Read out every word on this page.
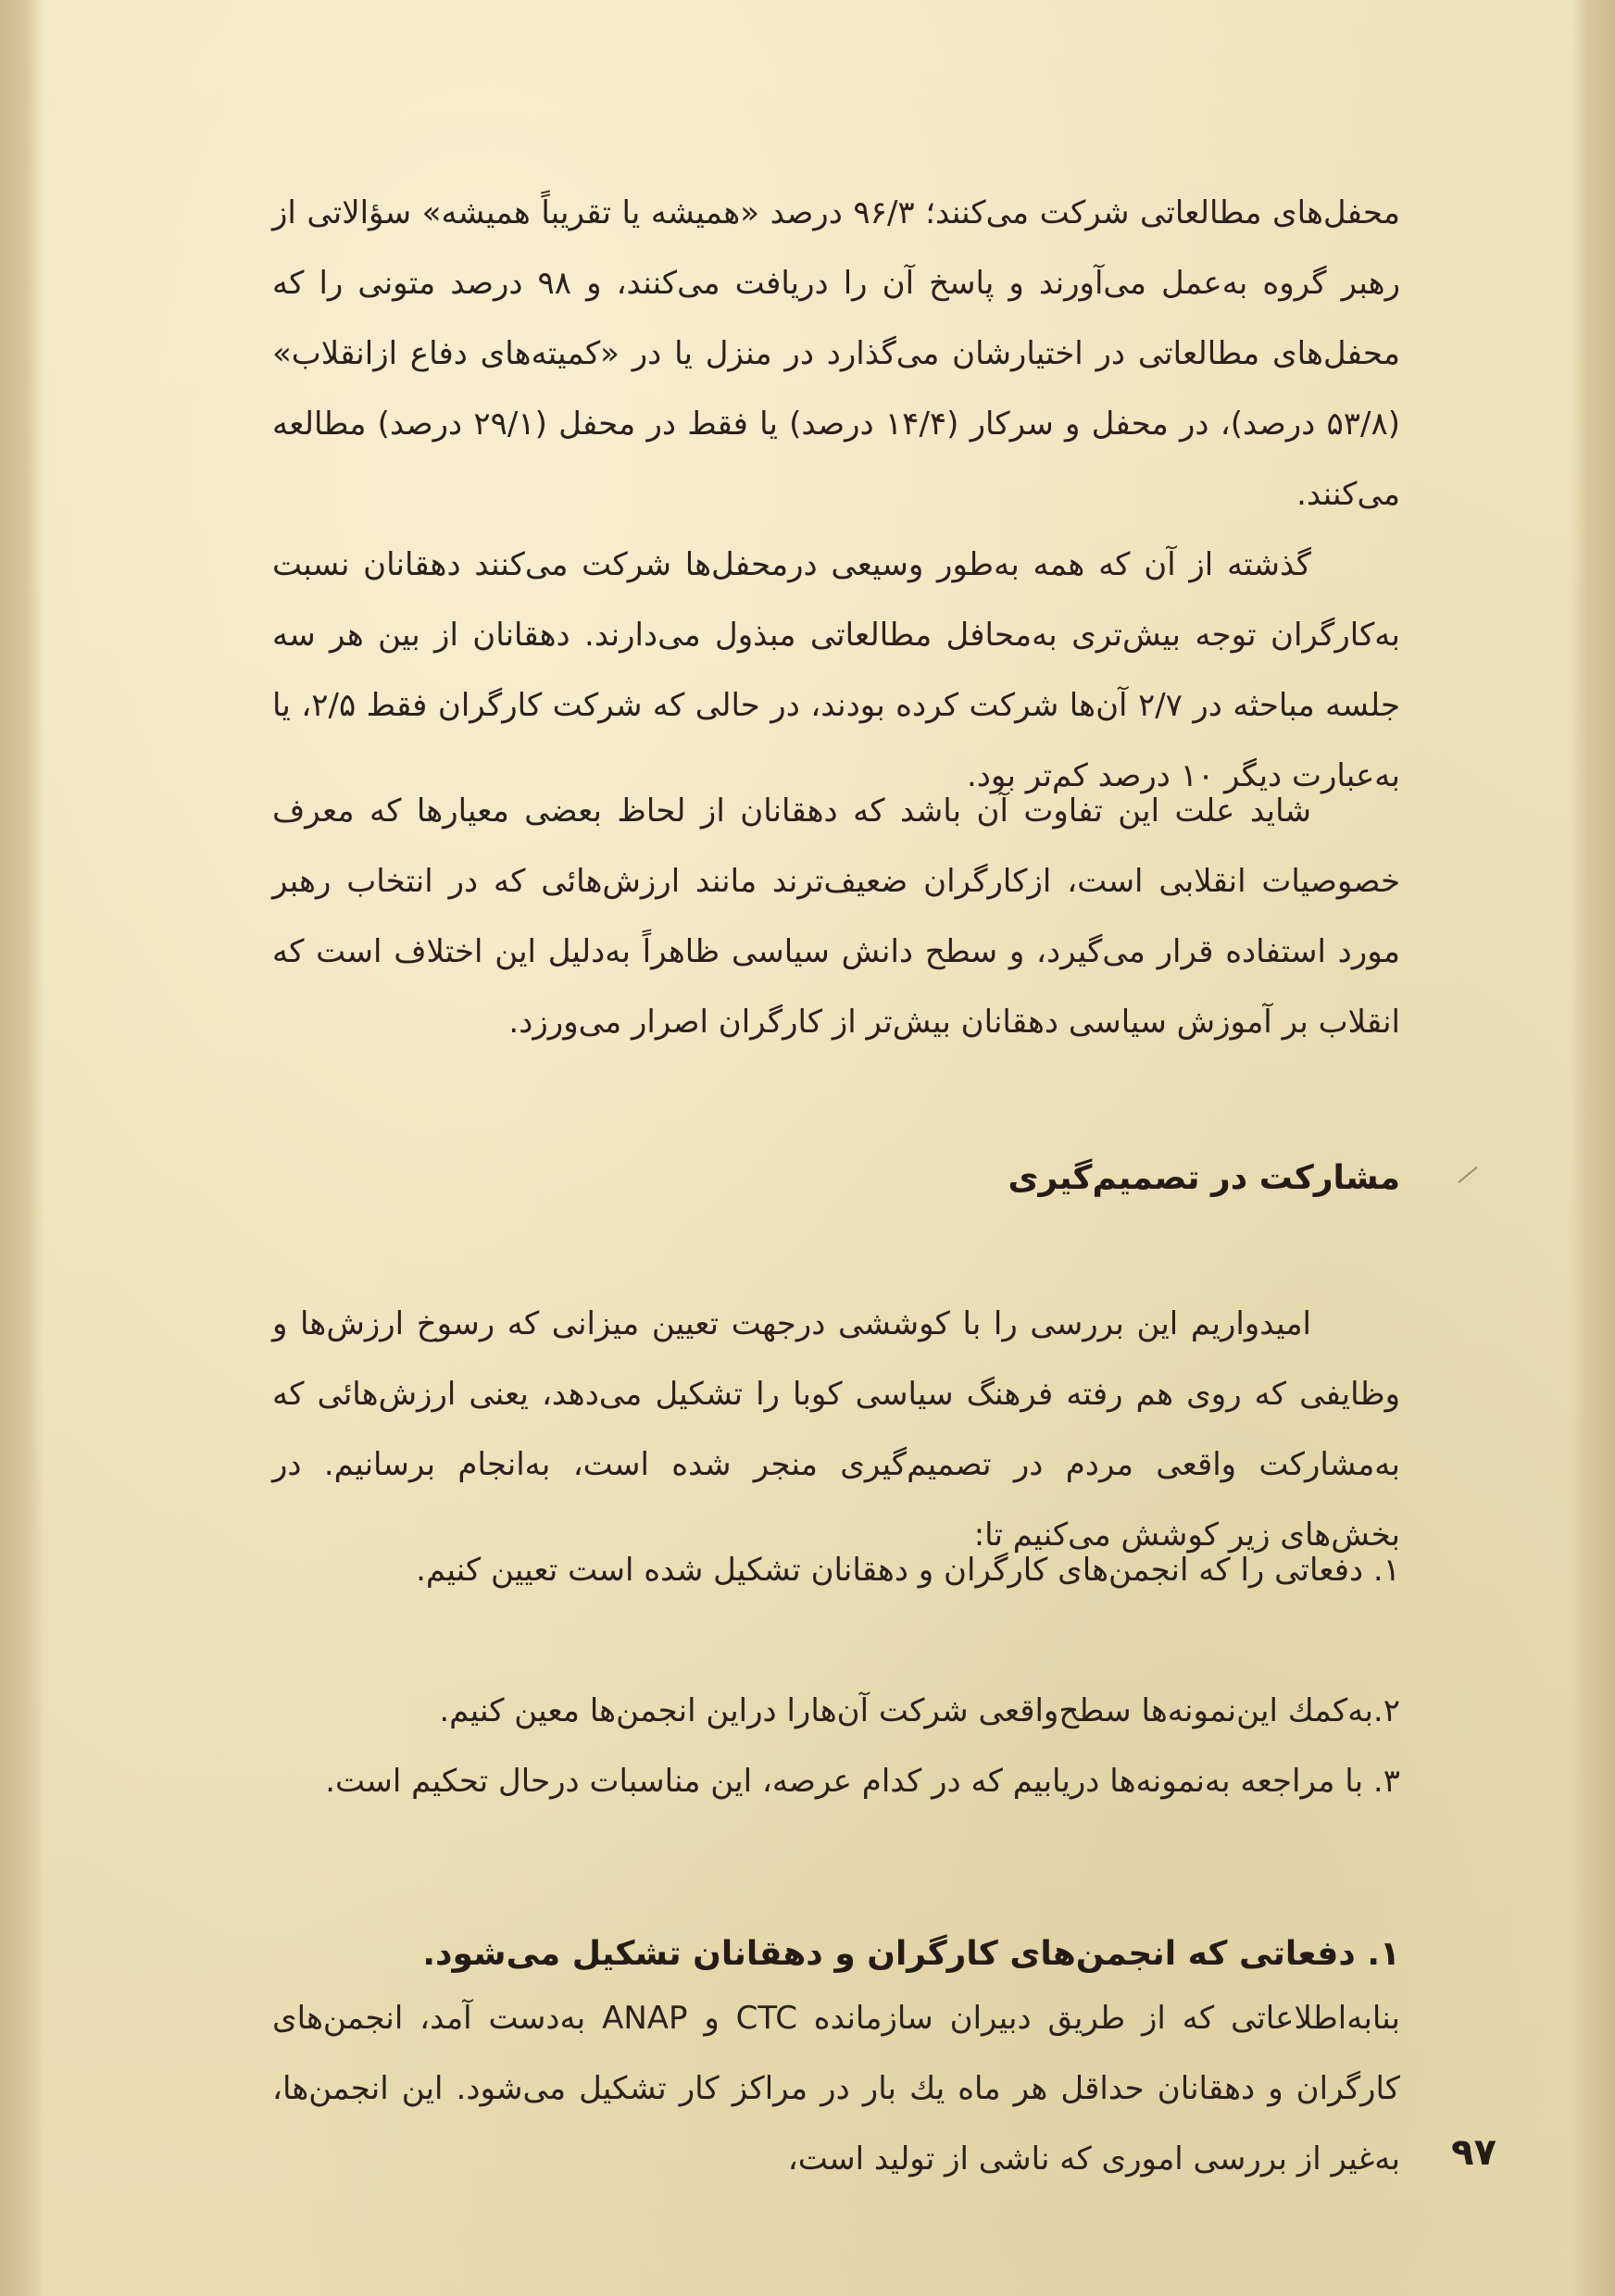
محفل‌های مطالعاتی شرکت می‌کنند؛ ۹۶/۳ درصد «همیشه یا تقریباً همیشه» سؤالاتی از رهبر گروه به‌عمل می‌آورند و پاسخ آن را دریافت می‌کنند، و ۹۸ درصد متونی را که محفل‌های مطالعاتی در اختیارشان می‌گذارد در منزل یا در «کمیته‌های دفاع ازانقلاب» (۵۳/۸ درصد)، در محفل و سرکار (۱۴/۴ درصد) یا فقط در محفل (۲۹/۱ درصد) مطالعه می‌کنند.

گذشته از آن که همه به‌طور وسیعی درمحفل‌ها شرکت می‌کنند دهقانان نسبت به‌کارگران توجه بیش‌تری به‌محافل مطالعاتی مبذول می‌دارند. دهقانان از بین هر سه جلسه مباحثه در ۲/۷ آن‌ها شرکت کرده بودند، در حالی که شرکت کارگران فقط ۲/۵، یا به‌عبارت دیگر ۱۰ درصد کم‌تر بود.

شاید علت این تفاوت آن باشد که دهقانان از لحاظ بعضی معیارها که معرف خصوصیات انقلابی است، ازکارگران ضعیف‌ترند مانند ارزش‌هائی که در انتخاب رهبر مورد استفاده قرار می‌گیرد، و سطح دانش سیاسی ظاهراً به‌دلیل این اختلاف است که انقلاب بر آموزش سیاسی دهقانان بیش‌تر از کارگران اصرار می‌ورزد.

مشارکت در تصمیم‌گیری

امیدواریم این بررسی را با کوششی درجهت تعیین میزانی که رسوخ ارزش‌ها و وظایفی که روی هم رفته فرهنگ سیاسی کوبا را تشکیل می‌دهد، یعنی ارزش‌هائی که به‌مشارکت واقعی مردم در تصمیم‌گیری منجر شده است، به‌انجام برسانیم. در بخش‌های زیر کوشش می‌کنیم تا:

۱. دفعاتی را که انجمن‌های کارگران و دهقانان تشکیل شده است تعیین کنیم.

۲.به‌کمك این‌نمونه‌ها سطح‌واقعی شرکت آن‌هارا دراین انجمن‌ها معین کنیم.

۳. با مراجعه به‌نمونه‌ها دریابیم که در کدام عرصه، این مناسبات درحال تحکیم است.

۱. دفعاتی که انجمن‌های کارگران و دهقانان تشکیل می‌شود.

بنابه‌اطلاعاتی که از طریق دبیران سازمانده CTC و ANAP به‌دست آمد، انجمن‌های کارگران و دهقانان حداقل هر ماه یك بار در مراکز کار تشکیل می‌شود. این انجمن‌ها، به‌غیر از بررسی اموری که ناشی از تولید است، ۹۷
